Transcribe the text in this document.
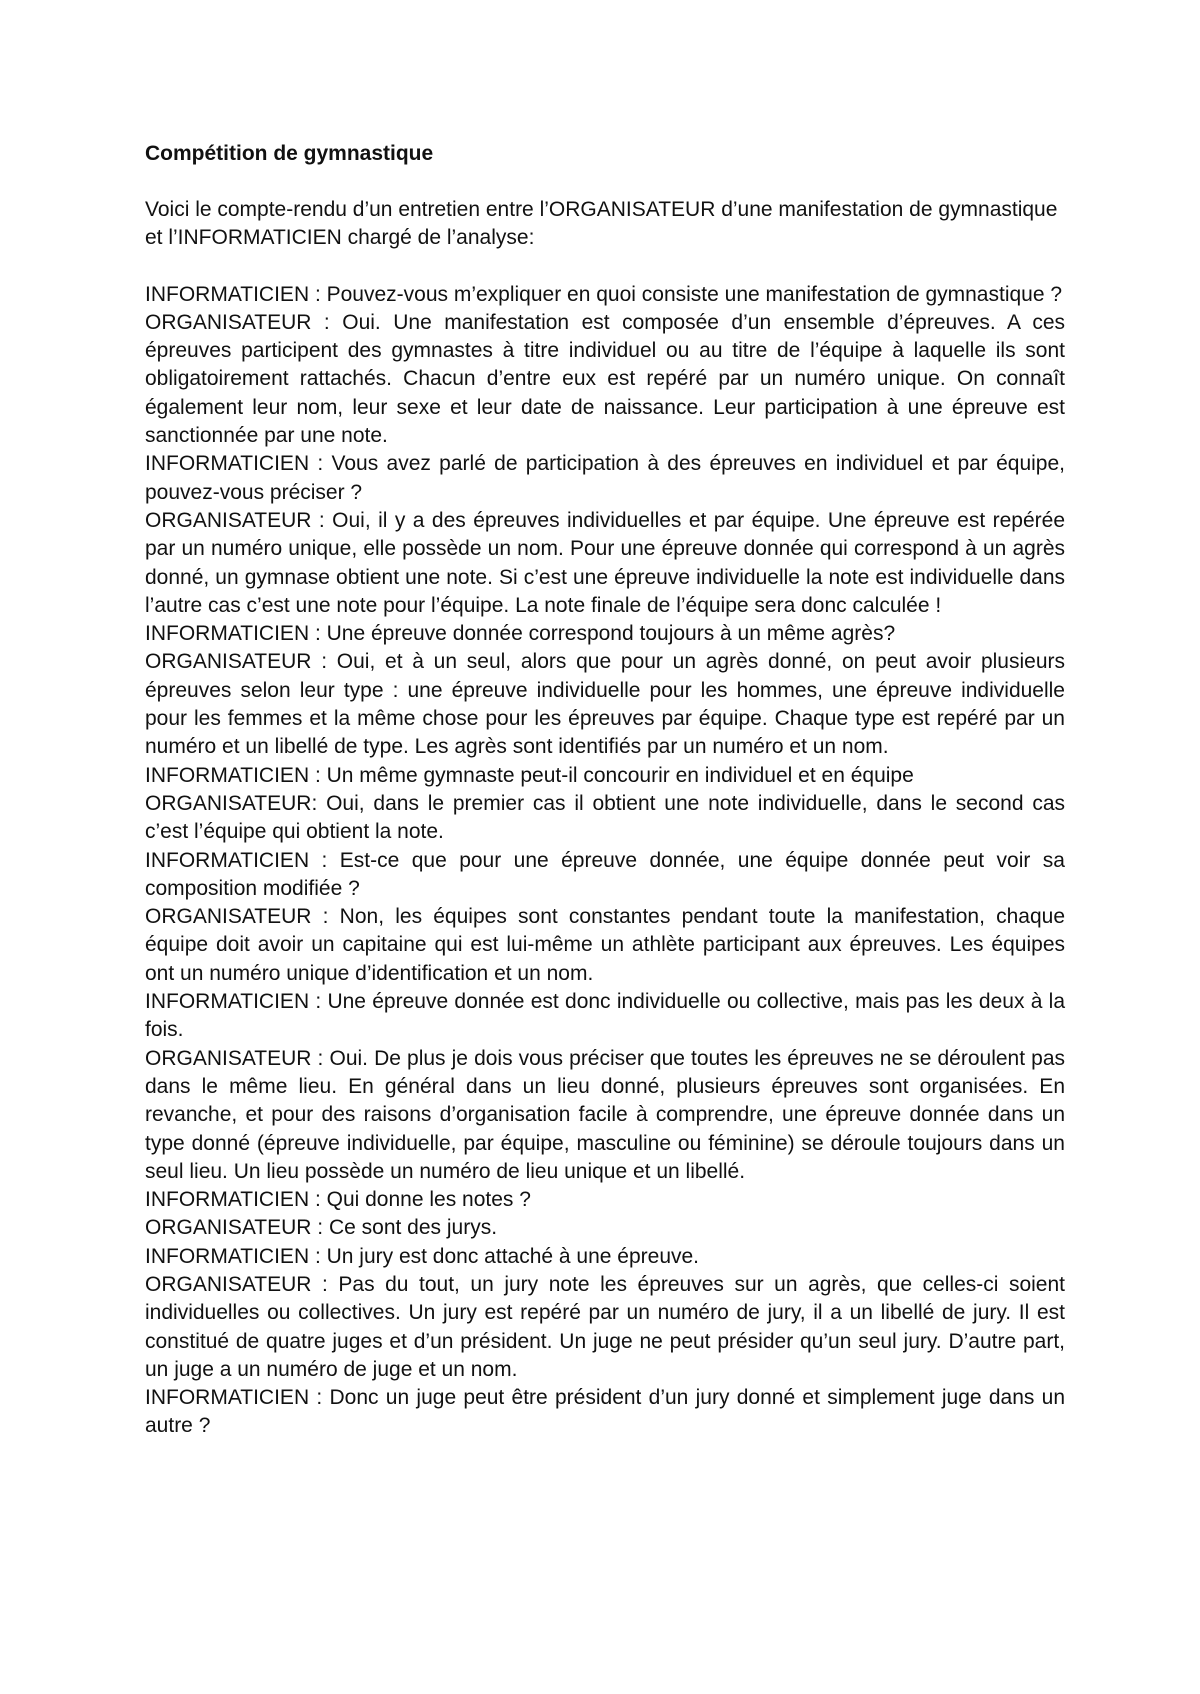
Compétition de gymnastique
Voici le compte-rendu d’un entretien entre l’ORGANISATEUR d’une manifestation de gymnastique et l’INFORMATICIEN chargé de l’analyse:

INFORMATICIEN : Pouvez-vous m’expliquer en quoi consiste une manifestation de gymnastique ?

ORGANISATEUR : Oui. Une manifestation est composée d’un ensemble d’épreuves. A ces épreuves participent des gymnastes à titre individuel ou au titre de l’équipe à laquelle ils sont obligatoirement rattachés. Chacun d’entre eux est repéré par un numéro unique. On connaît également leur nom, leur sexe et leur date de naissance. Leur participation à une épreuve est sanctionnée par une note.

INFORMATICIEN : Vous avez parlé de participation à des épreuves en individuel et par équipe, pouvez-vous préciser ?

ORGANISATEUR : Oui, il y a des épreuves individuelles et par équipe. Une épreuve est repérée par un numéro unique, elle possède un nom. Pour une épreuve donnée qui correspond à un agrès donné, un gymnase obtient une note. Si c’est une épreuve individuelle la note est individuelle dans l’autre cas c’est une note pour l’équipe. La note finale de l’équipe sera donc calculée !

INFORMATICIEN : Une épreuve donnée correspond toujours à un même agrès?

ORGANISATEUR : Oui, et à un seul, alors que pour un agrès donné, on peut avoir plusieurs épreuves selon leur type : une épreuve individuelle pour les hommes, une épreuve individuelle pour les femmes et la même chose pour les épreuves par équipe. Chaque type est repéré par un numéro et un libellé de type. Les agrès sont identifiés par un numéro et un nom.

INFORMATICIEN : Un même gymnaste peut-il concourir en individuel et en équipe

ORGANISATEUR: Oui, dans le premier cas il obtient une note individuelle, dans le second cas c’est l’équipe qui obtient la note.

INFORMATICIEN : Est-ce que pour une épreuve donnée, une équipe donnée peut voir sa composition modifiée ?

ORGANISATEUR : Non, les équipes sont constantes pendant toute la manifestation, chaque équipe doit avoir un capitaine qui est lui-même un athlète participant aux épreuves. Les équipes ont un numéro unique d’identification et un nom.

INFORMATICIEN : Une épreuve donnée est donc individuelle ou collective, mais pas les deux à la fois.

ORGANISATEUR : Oui. De plus je dois vous préciser que toutes les épreuves ne se déroulent pas dans le même lieu. En général dans un lieu donné, plusieurs épreuves sont organisées. En revanche, et pour des raisons d’organisation facile à comprendre, une épreuve donnée dans un type donné (épreuve individuelle, par équipe, masculine ou féminine) se déroule toujours dans un seul lieu. Un lieu possède un numéro de lieu unique et un libellé.

INFORMATICIEN : Qui donne les notes ?

ORGANISATEUR : Ce sont des jurys.

INFORMATICIEN : Un jury est donc attaché à une épreuve.

ORGANISATEUR : Pas du tout, un jury note les épreuves sur un agrès, que celles-ci soient individuelles ou collectives. Un jury est repéré par un numéro de jury, il a un libellé de jury. Il est constitué de quatre juges et d’un président. Un juge ne peut présider qu’un seul jury. D’autre part, un juge a un numéro de juge et un nom.

INFORMATICIEN : Donc un juge peut être président d’un jury donné et simplement juge dans un autre ?
